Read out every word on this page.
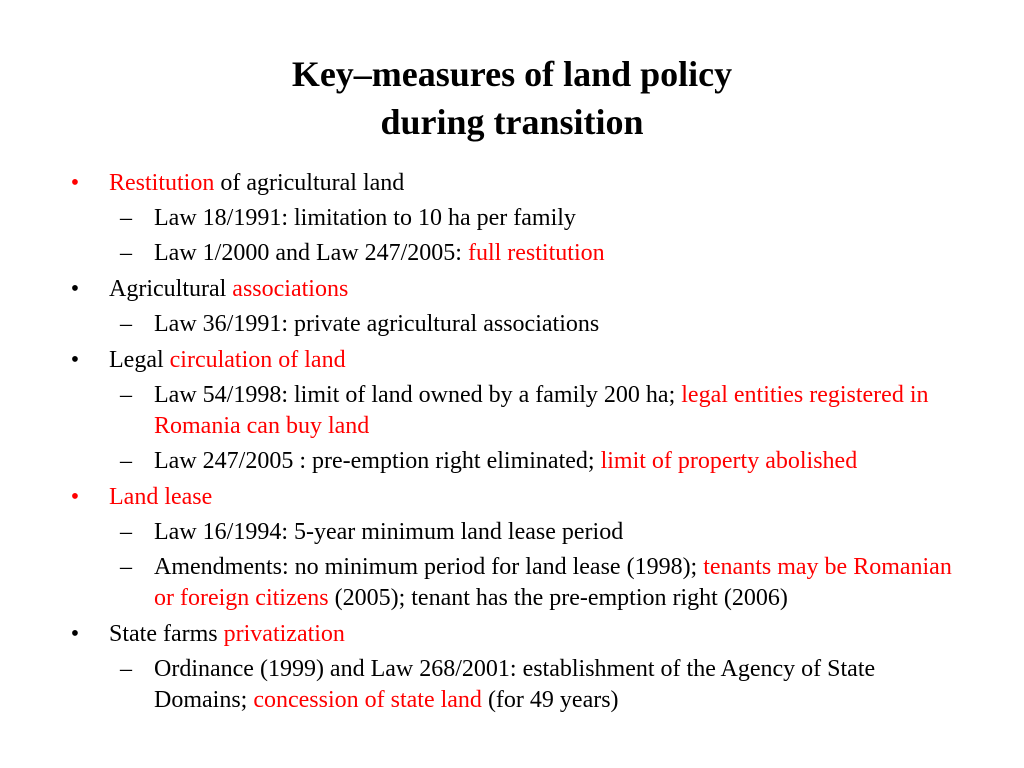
Key–measures of land policy
during transition
• Restitution of agricultural land
– Law 18/1991: limitation to 10 ha per family
– Law 1/2000 and Law 247/2005: full restitution
• Agricultural associations
– Law 36/1991: private agricultural associations
• Legal circulation of land
– Law 54/1998: limit of land owned by a family 200 ha; legal entities registered in Romania can buy land
– Law 247/2005 : pre-emption right eliminated; limit of property abolished
• Land lease
– Law 16/1994: 5-year minimum land lease period
– Amendments: no minimum period for land lease (1998); tenants may be Romanian or foreign citizens (2005); tenant has the pre-emption right (2006)
• State farms privatization
– Ordinance (1999) and Law 268/2001: establishment of the Agency of State Domains; concession of state land (for 49 years)
